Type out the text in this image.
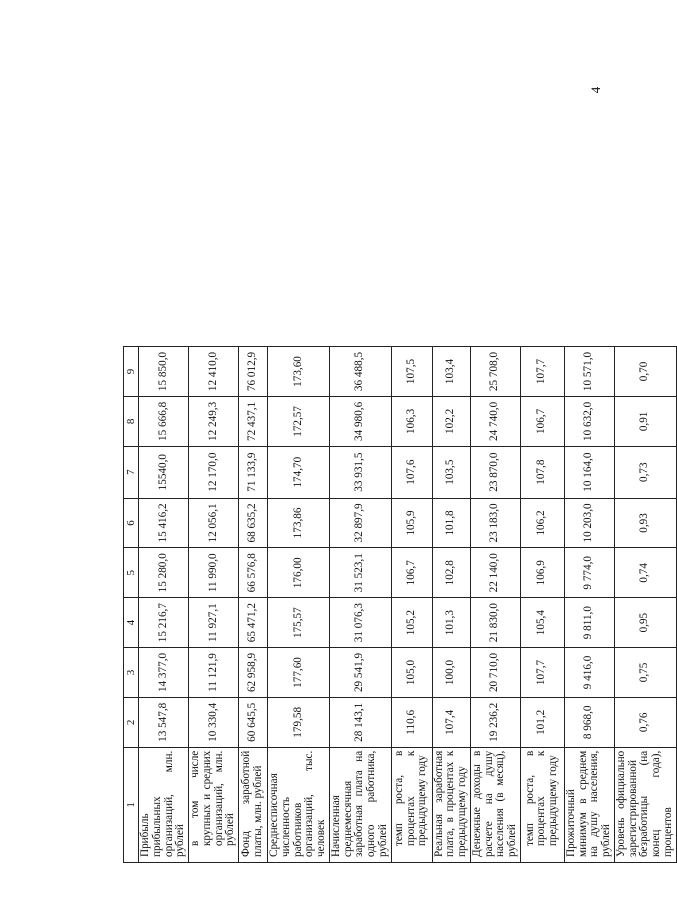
4
1	2	3	4	5	6	7	8	9
Прибыль прибыльных организаций, млн. рублей	13 547,8	14 377,0	15 216,7	15 280,0	15 416,2	15540,0	15 666,8	15 850,0
в том числе крупных и средних организаций, млн. рублей	10 330,4	11 121,9	11 927,1	11 990,0	12 056,1	12 170,0	12 249,3	12 410,0
Фонд заработной платы, млн. рублей	60 645,5	62 958,9	65 471,2	66 576,8	68 635,2	71 133,9	72 437,1	76 012,9
Среднесписочная численность работников организаций, тыс. человек	179,58	177,60	175,57	176,00	173,86	174,70	172,57	173,60
Начисленная среднемесячная заработная плата на одного работника, рублей	28 143,1	29 541,9	31 076,3	31 523,1	32 897,9	33 931,5	34 980,6	36 488,5
темп роста, в процентах к предыдущему году	110,6	105,0	105,2	106,7	105,9	107,6	106,3	107,5
Реальная заработная плата, в процентах к предыдущему году	107,4	100,0	101,3	102,8	101,8	103,5	102,2	103,4
Денежные доходы в расчете на душу населения (в месяц), рублей	19 236,2	20 710,0	21 830,0	22 140,0	23 183,0	23 870,0	24 740,0	25 708,0
темп роста, в процентах к предыдущему году	101,2	107,7	105,4	106,9	106,2	107,8	106,7	107,7
Прожиточный минимум в среднем на душу населения, рублей	8 968,0	9 416,0	9 811,0	9 774,0	10 203,0	10 164,0	10 632,0	10 571,0
Уровень официально зарегистрированной безработицы (на конец года), процентов	0,76	0,75	0,95	0,74	0,93	0,73	0,91	0,70
